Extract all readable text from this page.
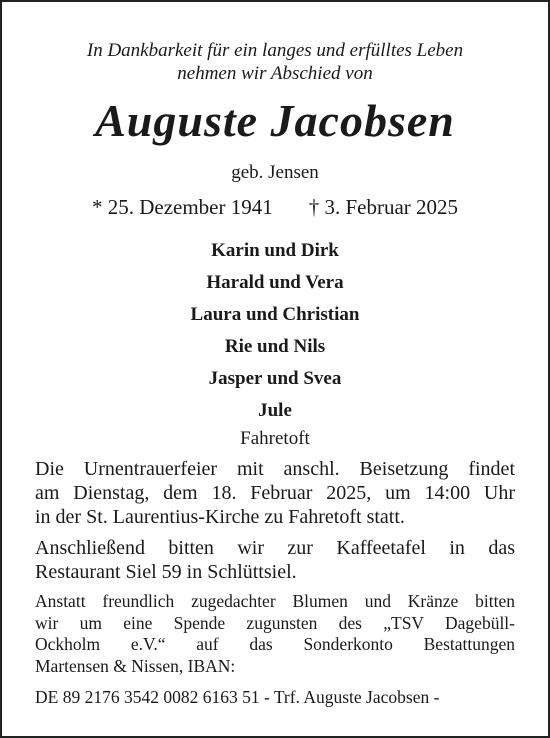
In Dankbarkeit für ein langes und erfülltes Leben
nehmen wir Abschied von
Auguste Jacobsen
geb. Jensen
* 25. Dezember 1941 † 3. Februar 2025
Karin und Dirk
Harald und Vera
Laura und Christian
Rie und Nils
Jasper und Svea
Jule
Fahretoft
Die Urnentrauerfeier mit anschl. Beisetzung findet
am Dienstag, dem 18. Februar 2025, um 14:00 Uhr
in der St. Laurentius-Kirche zu Fahretoft statt.
Anschließend bitten wir zur Kaffeetafel in das
Restaurant Siel 59 in Schlüttsiel.
Anstatt freundlich zugedachter Blumen und Kränze bitten
wir um eine Spende zugunsten des „TSV Dagebüll-
Ockholm e.V.“ auf das Sonderkonto Bestattungen
Martensen & Nissen, IBAN:
DE 89 2176 3542 0082 6163 51 - Trf. Auguste Jacobsen -
